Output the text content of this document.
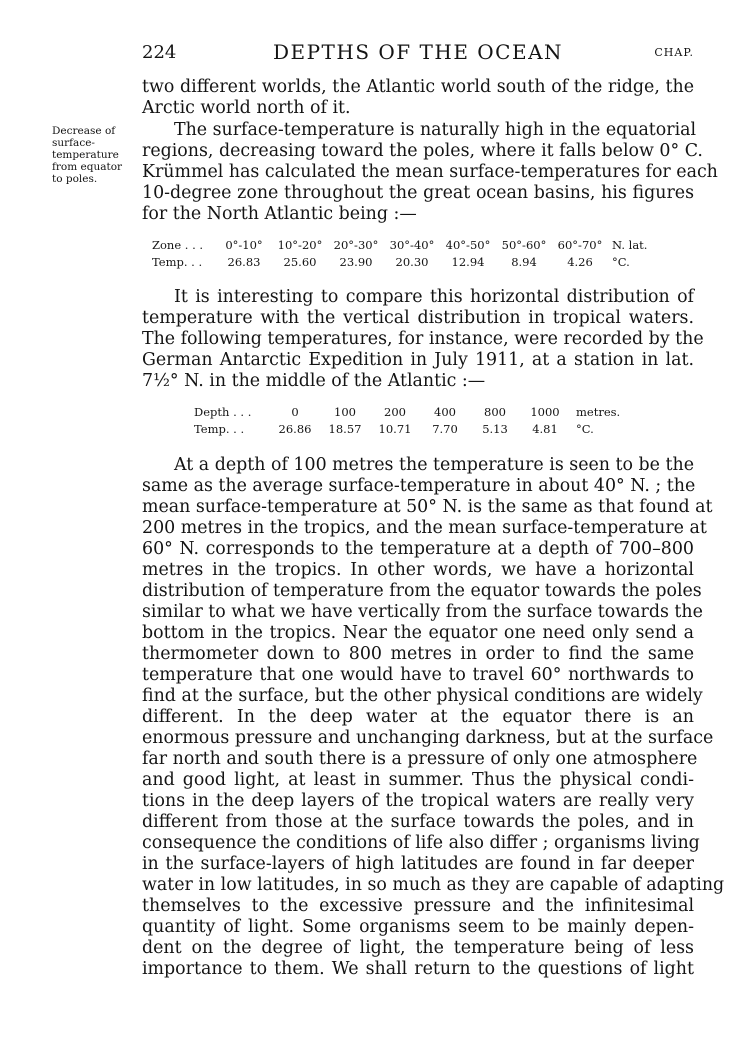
224	DEPTHS OF THE OCEAN	CHAP.
Decrease of
surface-
temperature
from equator
to poles.
two different worlds, the Atlantic world south of the ridge, the
Arctic world north of it.
The surface-temperature is naturally high in the equatorial
regions, decreasing toward the poles, where it falls below 0° C.
Krümmel has calculated the mean surface-temperatures for each
10-degree zone throughout the great ocean basins, his figures
for the North Atlantic being :—
Zone . . .	0°-10°	10°-20°	20°-30°	30°-40°	40°-50°	50°-60°	60°-70°	N. lat.
Temp. . .	26.83	25.60	23.90	20.30	12.94	8.94	4.26	°C.
It is interesting to compare this horizontal distribution of
temperature with the vertical distribution in tropical waters.
The following temperatures, for instance, were recorded by the
German Antarctic Expedition in July 1911, at a station in lat.
7½° N. in the middle of the Atlantic :—
Depth . . .	0	100	200	400	800	1000	metres.
Temp. . .	26.86	18.57	10.71	7.70	5.13	4.81	°C.
At a depth of 100 metres the temperature is seen to be the
same as the average surface-temperature in about 40° N. ; the
mean surface-temperature at 50° N. is the same as that found at
200 metres in the tropics, and the mean surface-temperature at
60° N. corresponds to the temperature at a depth of 700–800
metres in the tropics. In other words, we have a horizontal
distribution of temperature from the equator towards the poles
similar to what we have vertically from the surface towards the
bottom in the tropics. Near the equator one need only send a
thermometer down to 800 metres in order to find the same
temperature that one would have to travel 60° northwards to
find at the surface, but the other physical conditions are widely
different. In the deep water at the equator there is an
enormous pressure and unchanging darkness, but at the surface
far north and south there is a pressure of only one atmosphere
and good light, at least in summer. Thus the physical condi-
tions in the deep layers of the tropical waters are really very
different from those at the surface towards the poles, and in
consequence the conditions of life also differ ; organisms living
in the surface-layers of high latitudes are found in far deeper
water in low latitudes, in so much as they are capable of adapting
themselves to the excessive pressure and the infinitesimal
quantity of light. Some organisms seem to be mainly depen-
dent on the degree of light, the temperature being of less
importance to them. We shall return to the questions of light
